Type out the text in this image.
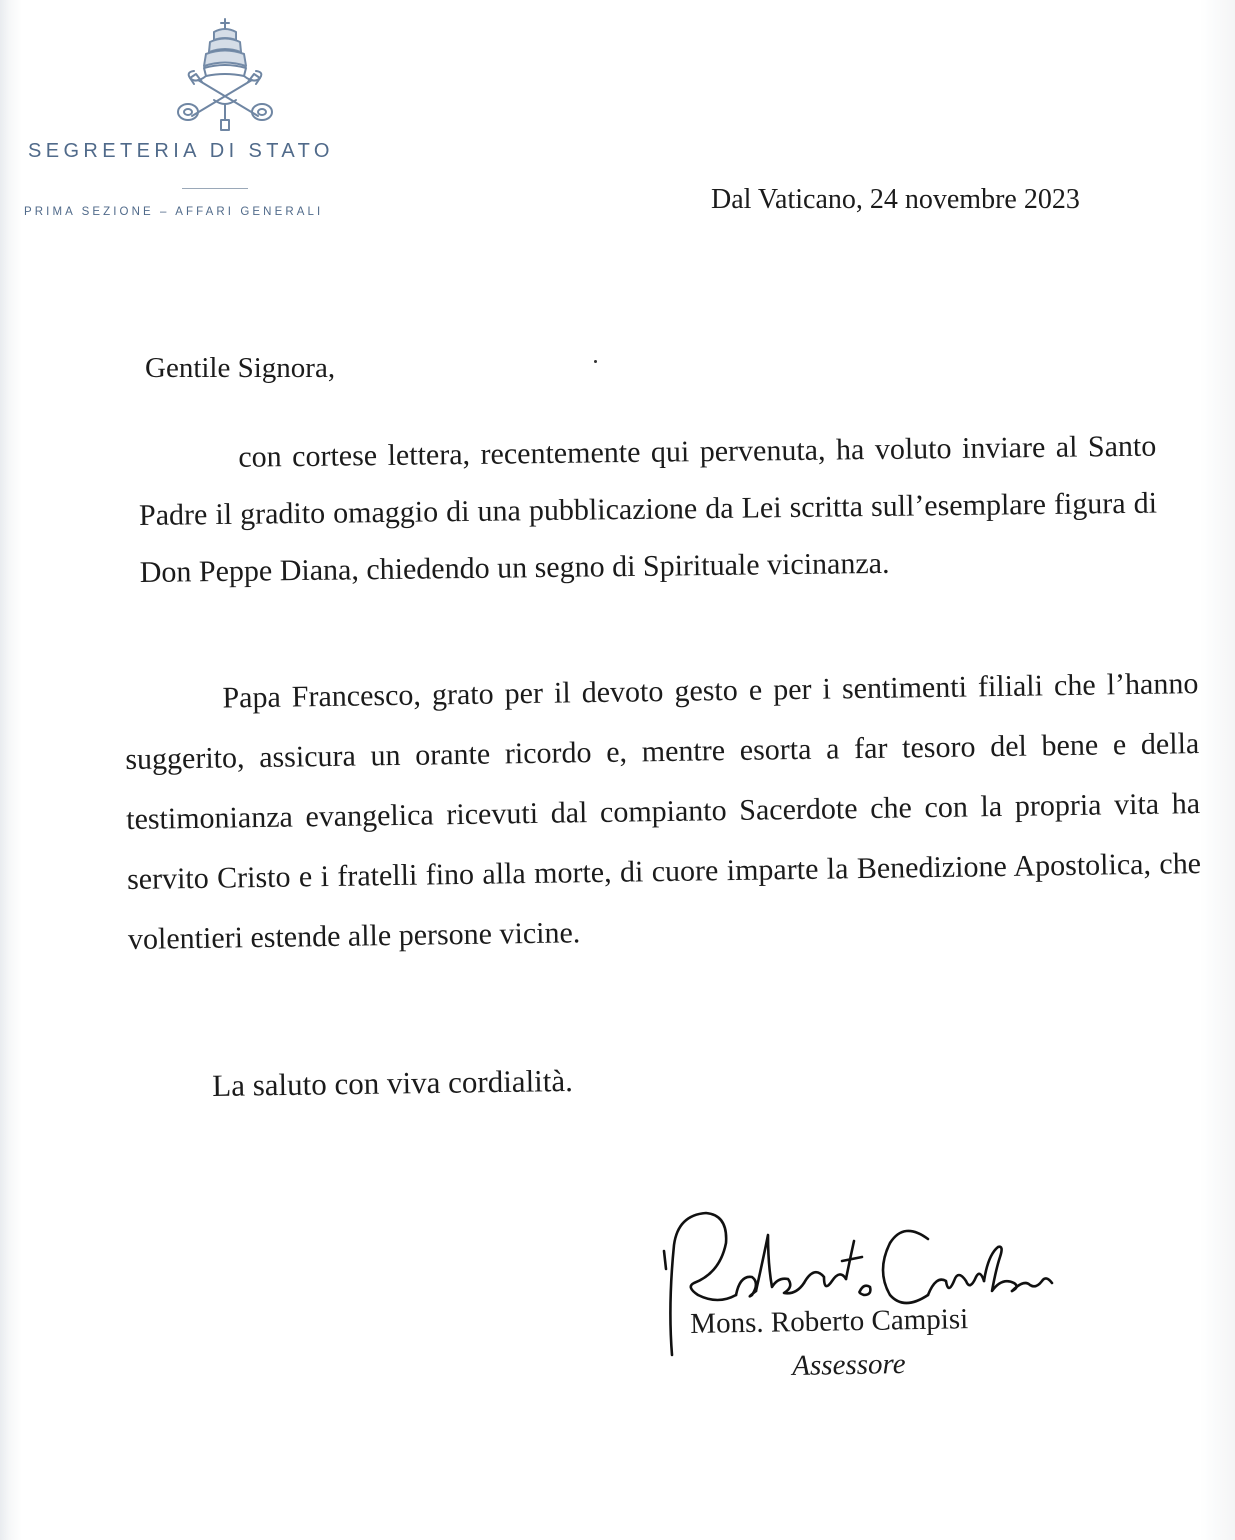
SEGRETERIA DI STATO
PRIMA SEZIONE – AFFARI GENERALI	Dal Vaticano, 24 novembre 2023
Gentile Signora,
con cortese lettera, recentemente qui pervenuta, ha voluto inviare al Santo Padre il gradito omaggio di una pubblicazione da Lei scritta sull’esemplare figura di Don Peppe Diana, chiedendo un segno di Spirituale vicinanza.
Papa Francesco, grato per il devoto gesto e per i sentimenti filiali che l’hanno suggerito, assicura un orante ricordo e, mentre esorta a far tesoro del bene e della testimonianza evangelica ricevuti dal compianto Sacerdote che con la propria vita ha servito Cristo e i fratelli fino alla morte, di cuore imparte la Benedizione Apostolica, che volentieri estende alle persone vicine.
La saluto con viva cordialità.
Mons. Roberto Campisi
Assessore
